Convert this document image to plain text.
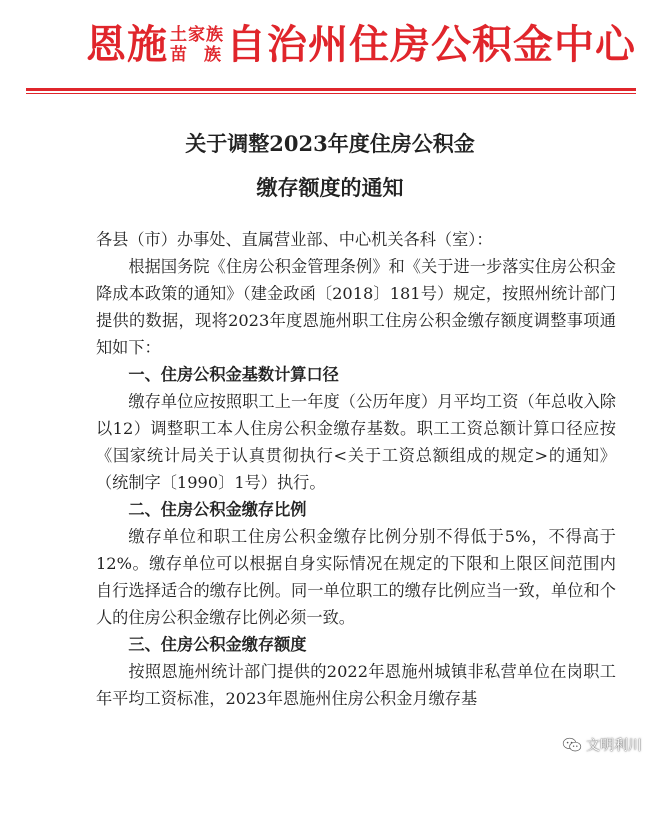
恩施 土家族
苗　族 自治州住房公积金中心
关于调整2023年度住房公积金
缴存额度的通知

各县（市）办事处、直属营业部、中心机关各科（室）：

根据国务院《住房公积金管理条例》和《关于进一步落实住房公积金降成本政策的通知》（建金政函〔2018〕181号）规定，按照州统计部门提供的数据，现将2023年度恩施州职工住房公积金缴存额度调整事项通知如下：

一、住房公积金基数计算口径

缴存单位应按照职工上一年度（公历年度）月平均工资（年总收入除以12）调整职工本人住房公积金缴存基数。职工工资总额计算口径应按《国家统计局关于认真贯彻执行<关于工资总额组成的规定>的通知》（统制字〔1990〕1号）执行。

二、住房公积金缴存比例

缴存单位和职工住房公积金缴存比例分别不得低于5%，不得高于12%。缴存单位可以根据自身实际情况在规定的下限和上限区间范围内自行选择适合的缴存比例。同一单位职工的缴存比例应当一致，单位和个人的住房公积金缴存比例必须一致。

三、住房公积金缴存额度

按照恩施州统计部门提供的2022年恩施州城镇非私营单位在岗职工年平均工资标准，2023年恩施州住房公积金月缴存基

文明利川
